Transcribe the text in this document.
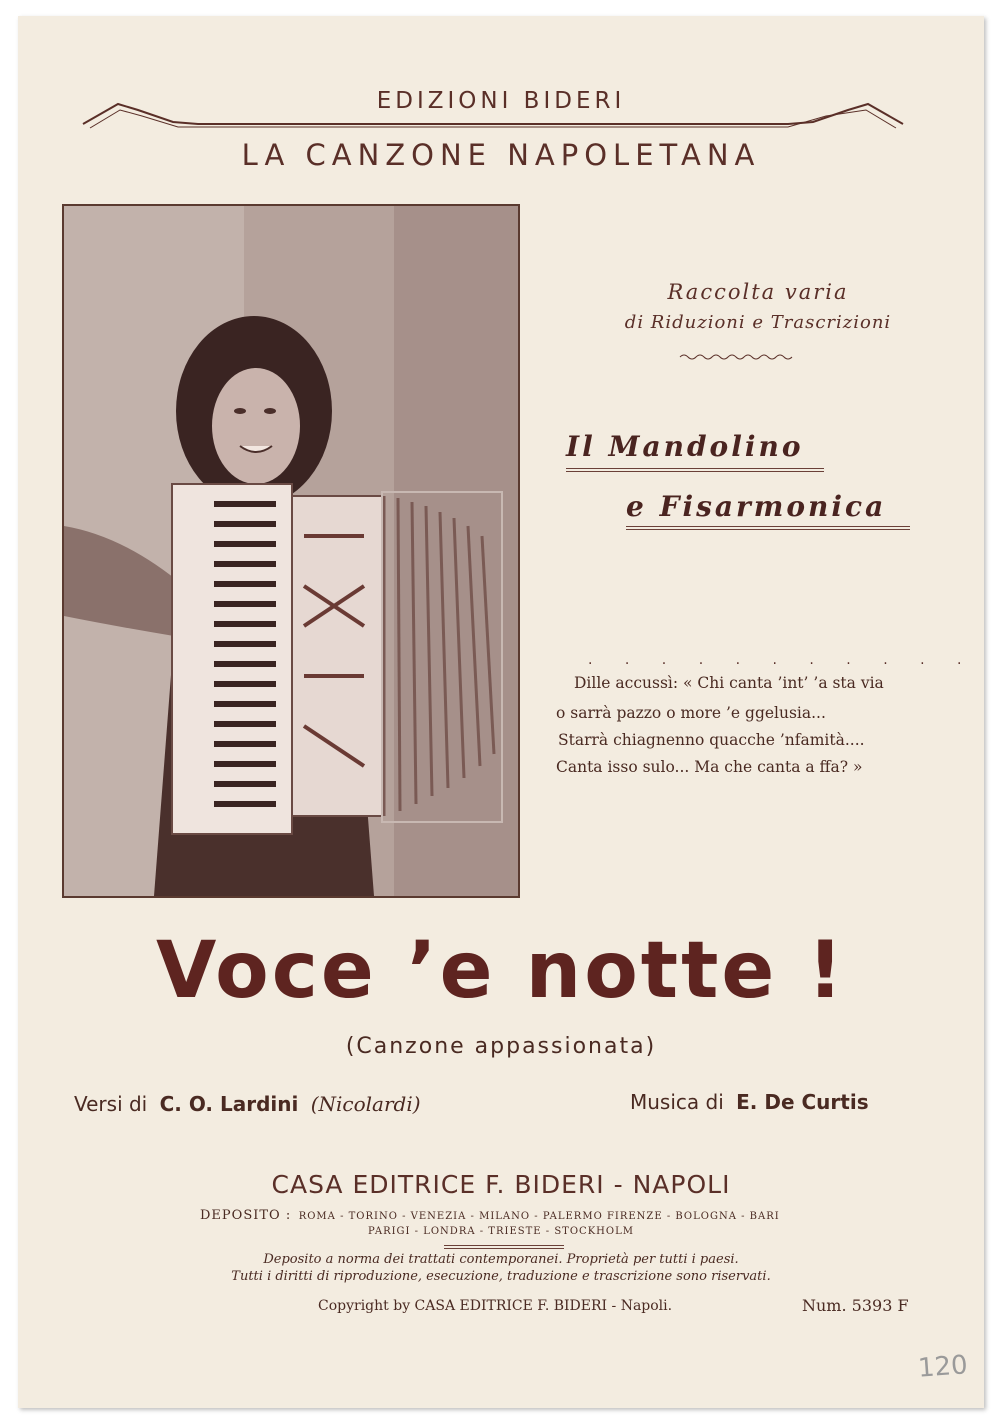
EDIZIONI BIDERI
LA CANZONE NAPOLETANA
Raccolta varia
di Riduzioni e Trascrizioni
Il Mandolino
e Fisarmonica
. . . . . . . . . . .
Dille accussì: « Chi canta ’int’ ’a sta via
o sarrà pazzo o more ’e ggelusia...
Starrà chiagnenno quacche ’nfamità....
Canta isso sulo... Ma che canta a ffa? »
Voce ’e notte !
(Canzone appassionata)
Versi di C. O. Lardini (Nicolardi)	Musica di E. De Curtis
CASA EDITRICE F. BIDERI - NAPOLI
DEPOSITO : ROMA - TORINO - VENEZIA - MILANO - PALERMO FIRENZE - BOLOGNA - BARI
PARIGI - LONDRA - TRIESTE - STOCKHOLM
Deposito a norma dei trattati contemporanei. Proprietà per tutti i paesi.
Tutti i diritti di riproduzione, esecuzione, traduzione e trascrizione sono riservati.
Copyright by CASA EDITRICE F. BIDERI - Napoli.	Num. 5393 F
120
